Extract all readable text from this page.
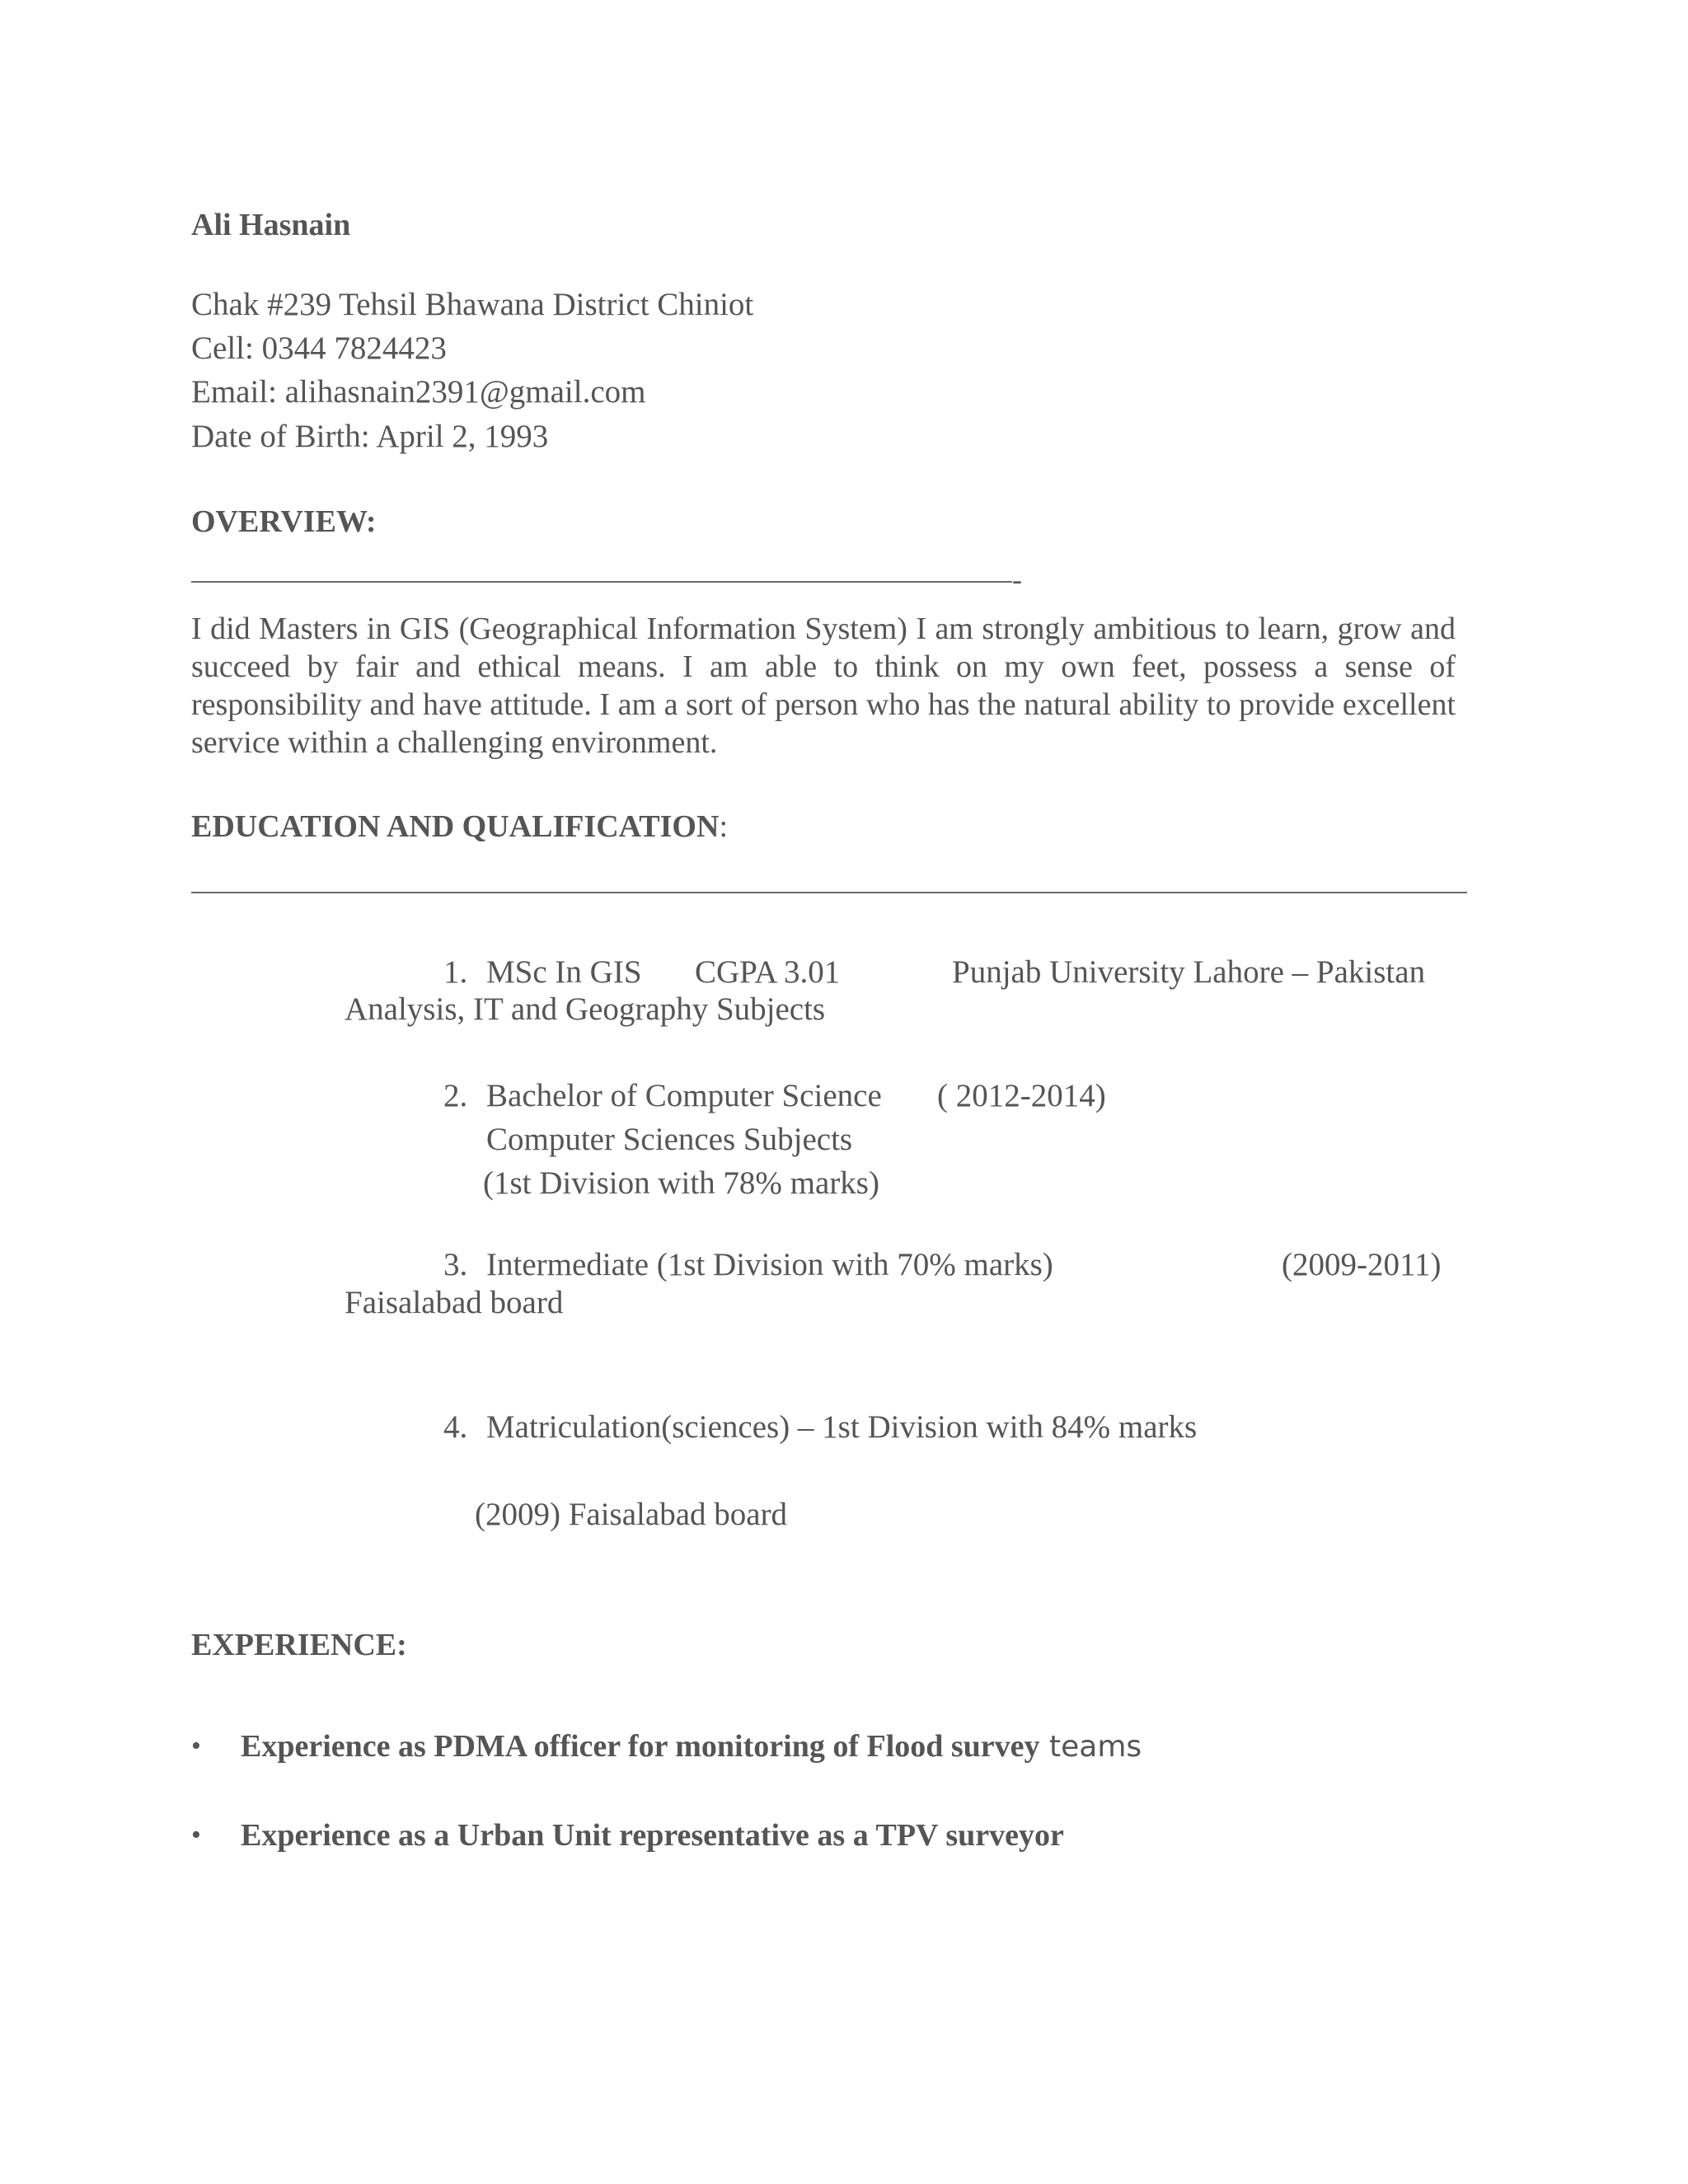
Ali Hasnain
Chak #239 Tehsil Bhawana District Chiniot
Cell: 0344 7824423
Email: alihasnain2391@gmail.com
Date of Birth: April 2, 1993
OVERVIEW:
-
I did Masters in GIS (Geographical Information System) I am strongly ambitious to learn, grow and succeed by fair and ethical means. I am able to think on my own feet, possess a sense of responsibility and have attitude. I am a sort of person who has the natural ability to provide excellent service within a challenging environment.
EDUCATION AND QUALIFICATION:
1. MSc In GIS CGPA 3.01	Punjab University Lahore – Pakistan
Analysis, IT and Geography Subjects
2. Bachelor of Computer Science ( 2012-2014)
Computer Sciences Subjects
(1st Division with 78% marks)
3. Intermediate (1st Division with 70% marks)	(2009-2011)
Faisalabad board
4. Matriculation(sciences) – 1st Division with 84% marks
(2009) Faisalabad board
EXPERIENCE:
• Experience as PDMA officer for monitoring of Flood survey teams
• Experience as a Urban Unit representative as a TPV surveyor
